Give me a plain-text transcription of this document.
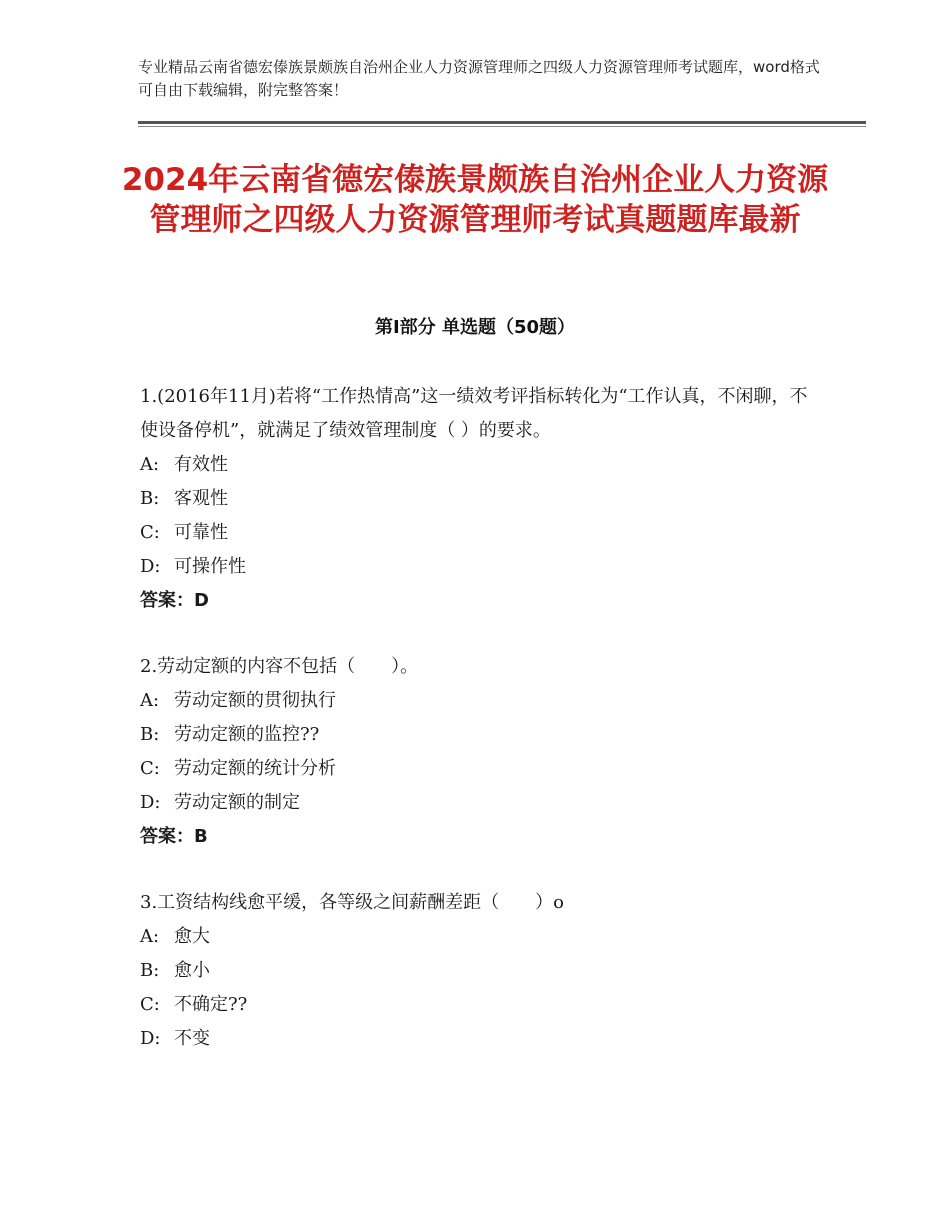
专业精品云南省德宏傣族景颇族自治州企业人力资源管理师之四级人力资源管理师考试题库，word格式可自由下载编辑，附完整答案！
2024年云南省德宏傣族景颇族自治州企业人力资源管理师之四级人力资源管理师考试真题题库最新
第Ⅰ部分 单选题（50题）

1.(2016年11月)若将“工作热情高”这一绩效考评指标转化为“工作认真，不闲聊，不使设备停机”，就满足了绩效管理制度（ ）的要求。

A: 有效性
B: 客观性
C: 可靠性
D: 可操作性

答案：D

2.劳动定额的内容不包括（　　）。

A: 劳动定额的贯彻执行
B: 劳动定额的监控??
C: 劳动定额的统计分析
D: 劳动定额的制定

答案：B

3.工资结构线愈平缓，各等级之间薪酬差距（　　）o

A: 愈大
B: 愈小
C: 不确定??
D: 不变
